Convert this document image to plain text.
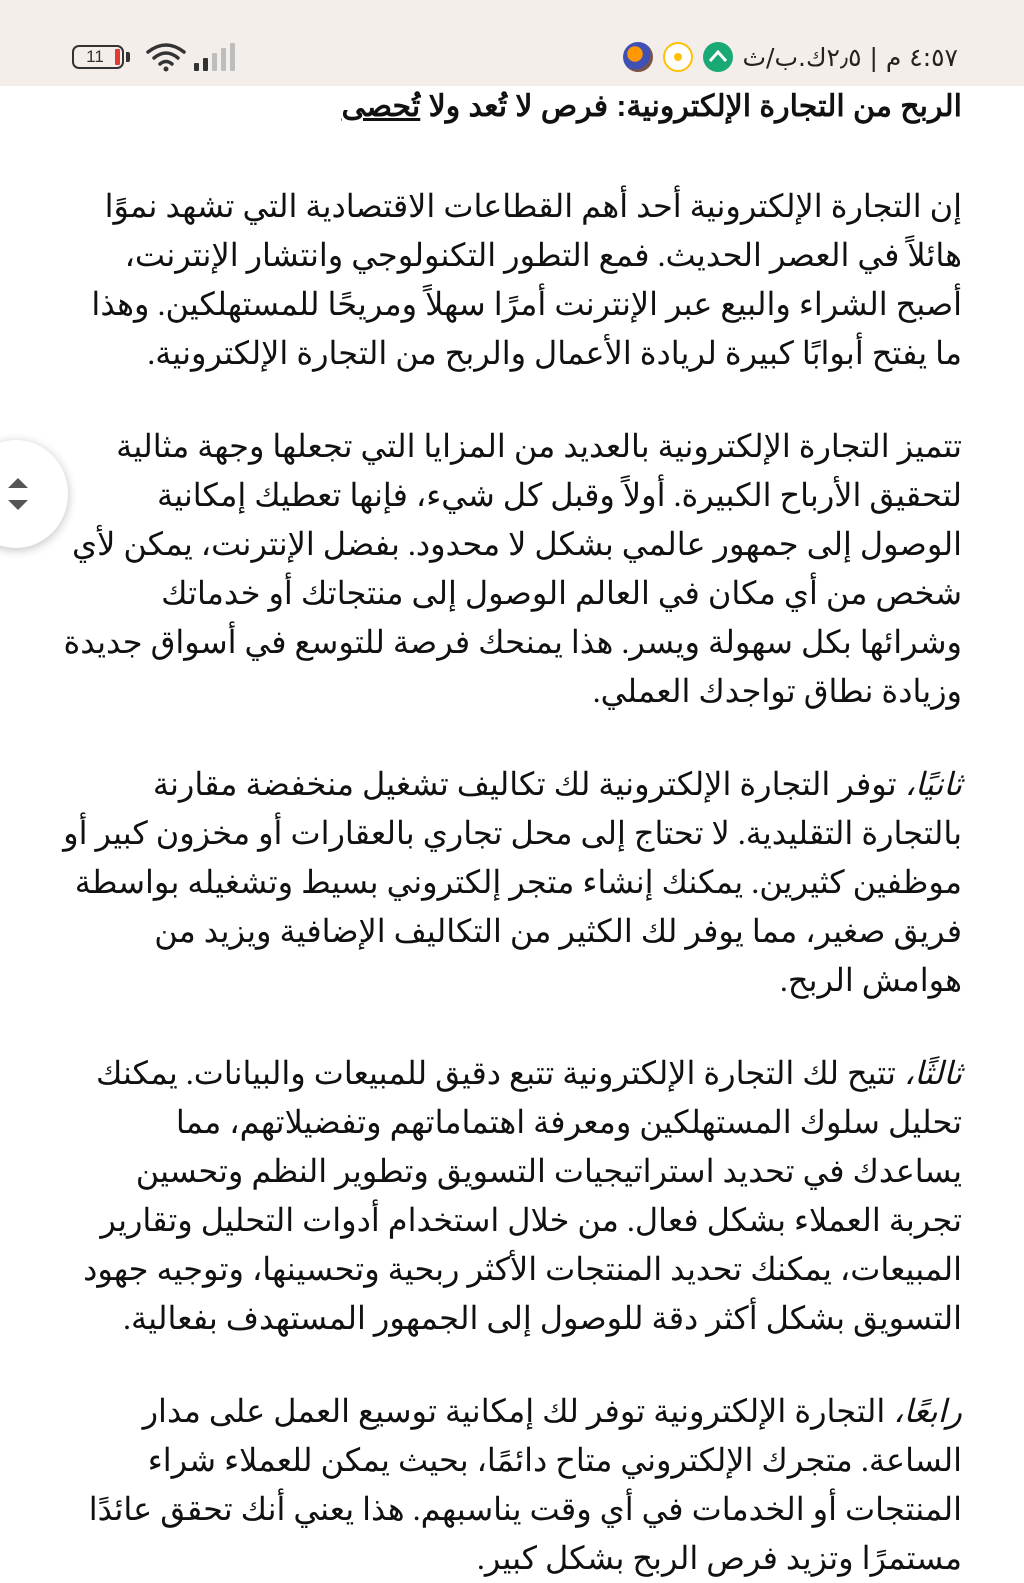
11	٤:٥٧ م | ٢٫٥ك.ب/ث
الربح من التجارة الإلكترونية: فرص لا تُعد ولا تُحصى

إن التجارة الإلكترونية أحد أهم القطاعات الاقتصادية التي تشهد نموًا هائلاً في العصر الحديث. فمع التطور التكنولوجي وانتشار الإنترنت، أصبح الشراء والبيع عبر الإنترنت أمرًا سهلاً ومريحًا للمستهلكين. وهذا ما يفتح أبوابًا كبيرة لريادة الأعمال والربح من التجارة الإلكترونية.

تتميز التجارة الإلكترونية بالعديد من المزايا التي تجعلها وجهة مثالية لتحقيق الأرباح الكبيرة. أولاً وقبل كل شيء، فإنها تعطيك إمكانية الوصول إلى جمهور عالمي بشكل لا محدود. بفضل الإنترنت، يمكن لأي شخص من أي مكان في العالم الوصول إلى منتجاتك أو خدماتك وشرائها بكل سهولة ويسر. هذا يمنحك فرصة للتوسع في أسواق جديدة وزيادة نطاق تواجدك العملي.

ثانيًا، توفر التجارة الإلكترونية لك تكاليف تشغيل منخفضة مقارنة بالتجارة التقليدية. لا تحتاج إلى محل تجاري بالعقارات أو مخزون كبير أو موظفين كثيرين. يمكنك إنشاء متجر إلكتروني بسيط وتشغيله بواسطة فريق صغير، مما يوفر لك الكثير من التكاليف الإضافية ويزيد من هوامش الربح.

ثالثًا، تتيح لك التجارة الإلكترونية تتبع دقيق للمبيعات والبيانات. يمكنك تحليل سلوك المستهلكين ومعرفة اهتماماتهم وتفضيلاتهم، مما يساعدك في تحديد استراتيجيات التسويق وتطوير النظم وتحسين تجربة العملاء بشكل فعال. من خلال استخدام أدوات التحليل وتقارير المبيعات، يمكنك تحديد المنتجات الأكثر ربحية وتحسينها، وتوجيه جهود التسويق بشكل أكثر دقة للوصول إلى الجمهور المستهدف بفعالية.

رابعًا، التجارة الإلكترونية توفر لك إمكانية توسيع العمل على مدار الساعة. متجرك الإلكتروني متاح دائمًا، بحيث يمكن للعملاء شراء المنتجات أو الخدمات في أي وقت يناسبهم. هذا يعني أنك تحقق عائدًا مستمرًا وتزيد فرص الربح بشكل كبير.
